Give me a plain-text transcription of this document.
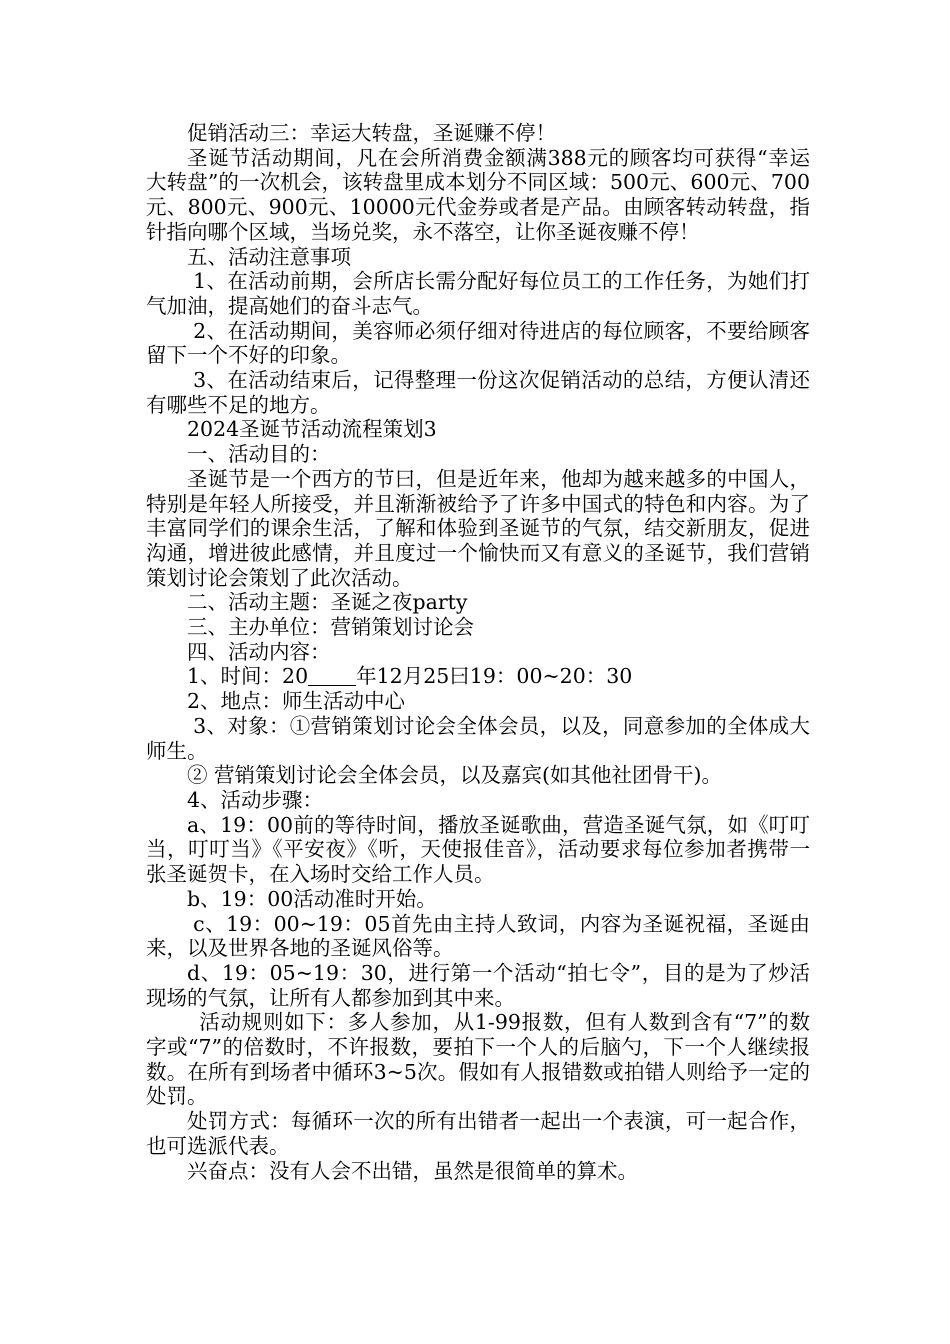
促销活动三：幸运大转盘，圣诞赚不停！

圣诞节活动期间，凡在会所消费金额满388元的顾客均可获得“幸运大转盘”的一次机会，该转盘里成本划分不同区域：500元、600元、700元、800元、900元、10000元代金券或者是产品。由顾客转动转盘，指针指向哪个区域，当场兑奖，永不落空，让你圣诞夜赚不停！

五、活动注意事项

1、在活动前期，会所店长需分配好每位员工的工作任务，为她们打气加油，提高她们的奋斗志气。

2、在活动期间，美容师必须仔细对待进店的每位顾客，不要给顾客留下一个不好的印象。

3、在活动结束后，记得整理一份这次促销活动的总结，方便认清还有哪些不足的地方。

2024圣诞节活动流程策划3

一、活动目的：

圣诞节是一个西方的节曰，但是近年来，他却为越来越多的中国人，特别是年轻人所接受，并且渐渐被给予了许多中国式的特色和内容。为了丰富同学们的课余生活，了解和体验到圣诞节的气氛，结交新朋友，促进沟通，增进彼此感情，并且度过一个愉快而又有意义的圣诞节，我们营销策划讨论会策划了此次活动。

二、活动主题：圣诞之夜party

三、主办单位：营销策划讨论会

四、活动内容：

1、时间：20 年12月25曰19：00~20：30

2、地点：师生活动中心

3、对象：①营销策划讨论会全体会员，以及，同意参加的全体成大师生。

② 营销策划讨论会全体会员，以及嘉宾(如其他社团骨干)。

4、活动步骤：

a、19：00前的等待时间，播放圣诞歌曲，营造圣诞气氛，如《叮叮当，叮叮当》《平安夜》《听，天使报佳音》，活动要求每位参加者携带一张圣诞贺卡，在入场时交给工作人员。

b、19：00活动准时开始。

c、19：00~19：05首先由主持人致词，内容为圣诞祝福，圣诞由来，以及世界各地的圣诞风俗等。

d、19：05~19：30，进行第一个活动“拍七令”，目的是为了炒活现场的气氛，让所有人都参加到其中来。

活动规则如下：多人参加，从1-99报数，但有人数到含有“7”的数字或“7”的倍数时，不许报数，要拍下一个人的后脑勺，下一个人继续报数。在所有到场者中循环3~5次。假如有人报错数或拍错人则给予一定的处罚。

处罚方式：每循环一次的所有出错者一起出一个表演，可一起合作，也可选派代表。

兴奋点：没有人会不出错，虽然是很简单的算术。
